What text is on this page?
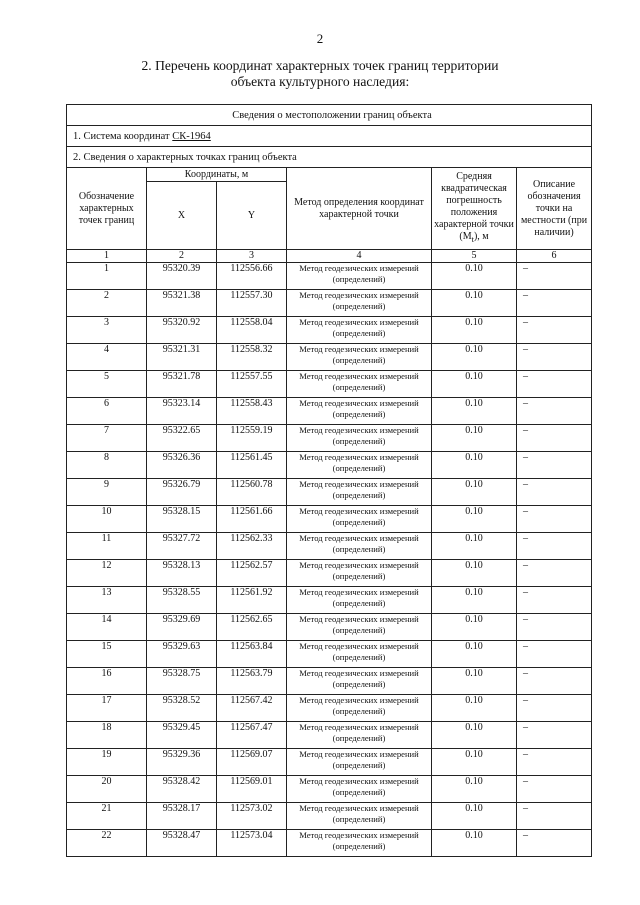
2
2. Перечень координат характерных точек границ территории
объекта культурного наследия:
Сведения о местоположении границ объекта					
1. Система координат СК-1964					
2. Сведения о характерных точках границ объекта					
Обозначение характерных точек границ	Координаты, м		Метод определения координат характерной точки	Средняя квадратическая погрешность положения характерной точки $(M_t)$, м	Описание обозначения точки на местности (при наличии)
	X	Y			
1	2	3	4	5	6
1	95320.39	112556.66	Метод геодезических измерений (определений)	0.10	–
2	95321.38	112557.30	Метод геодезических измерений (определений)	0.10	–
3	95320.92	112558.04	Метод геодезических измерений (определений)	0.10	–
4	95321.31	112558.32	Метод геодезических измерений (определений)	0.10	–
5	95321.78	112557.55	Метод геодезических измерений (определений)	0.10	–
6	95323.14	112558.43	Метод геодезических измерений (определений)	0.10	–
7	95322.65	112559.19	Метод геодезических измерений (определений)	0.10	–
8	95326.36	112561.45	Метод геодезических измерений (определений)	0.10	–
9	95326.79	112560.78	Метод геодезических измерений (определений)	0.10	–
10	95328.15	112561.66	Метод геодезических измерений (определений)	0.10	–
11	95327.72	112562.33	Метод геодезических измерений (определений)	0.10	–
12	95328.13	112562.57	Метод геодезических измерений (определений)	0.10	–
13	95328.55	112561.92	Метод геодезических измерений (определений)	0.10	–
14	95329.69	112562.65	Метод геодезических измерений (определений)	0.10	–
15	95329.63	112563.84	Метод геодезических измерений (определений)	0.10	–
16	95328.75	112563.79	Метод геодезических измерений (определений)	0.10	–
17	95328.52	112567.42	Метод геодезических измерений (определений)	0.10	–
18	95329.45	112567.47	Метод геодезических измерений (определений)	0.10	–
19	95329.36	112569.07	Метод геодезических измерений (определений)	0.10	–
20	95328.42	112569.01	Метод геодезических измерений (определений)	0.10	–
21	95328.17	112573.02	Метод геодезических измерений (определений)	0.10	–
22	95328.47	112573.04	Метод геодезических измерений (определений)	0.10	–
